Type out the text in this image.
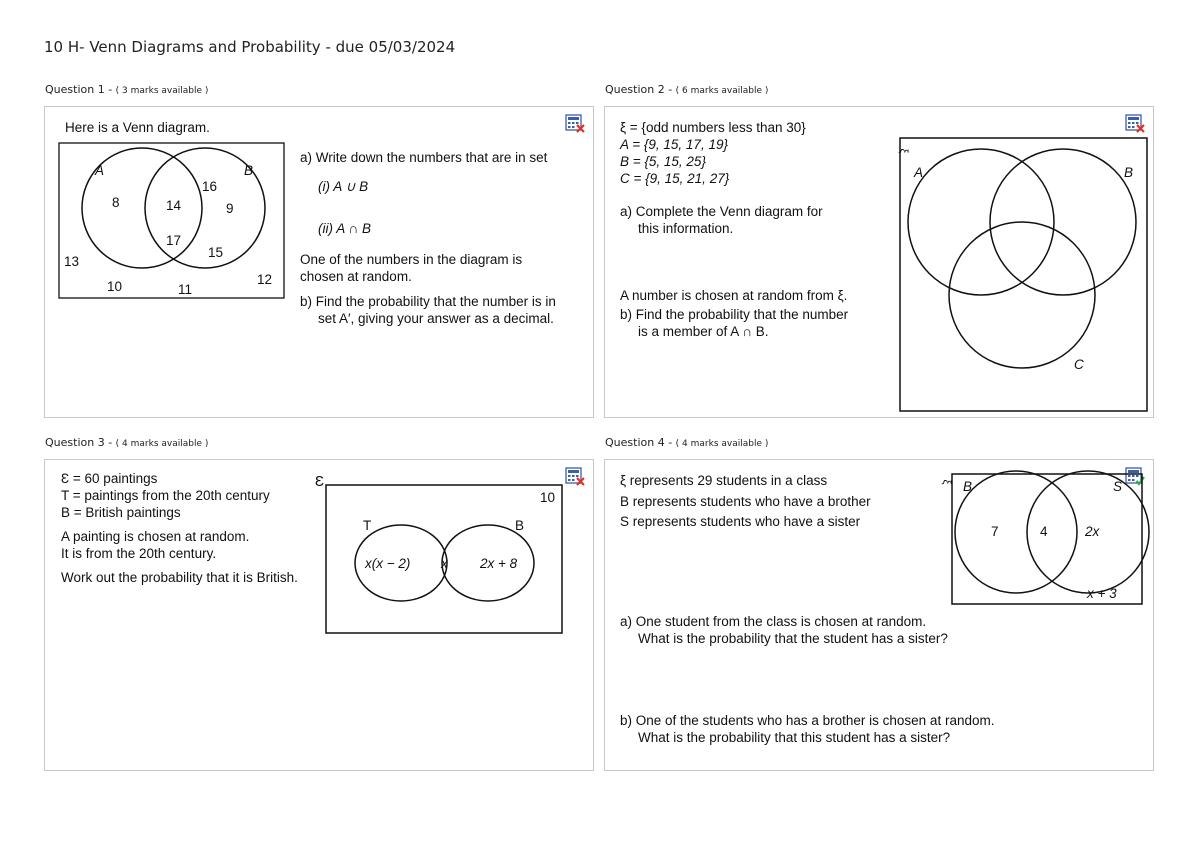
10 H- Venn Diagrams and Probability - due 05/03/2024
Question 1 - ( 3 marks available )
Here is a Venn diagram.
A	B
8	14
17
16
9
15
13
10	11
12
a) Write down the numbers that are in set
(i) A ∪ B
(ii) A ∩ B
One of the numbers in the diagram is
chosen at random.
b) Find the probability that the number is in
set A′, giving your answer as a decimal.
Question 2 - ( 6 marks available )
ξ = {odd numbers less than 30}
A = {9, 15, 17, 19}
B = {5, 15, 25}
C = {9, 15, 21, 27}
a) Complete the Venn diagram for
this information.
A number is chosen at random from ξ.
b) Find the probability that the number
is a member of A ∩ B.
ξ
A	B
C
Question 3 - ( 4 marks available )
Ɛ = 60 paintings
T = paintings from the 20th century
B = British paintings
A painting is chosen at random.
It is from the 20th century.
Work out the probability that it is British.
Ɛ
10
T	B
x(x − 2) x 2x + 8
Question 4 - ( 4 marks available )
ξ represents 29 students in a class
B represents students who have a brother
S represents students who have a sister
ξ B	S
7	4	2x
x + 3
a) One student from the class is chosen at random.
What is the probability that the student has a sister?
b) One of the students who has a brother is chosen at random.
What is the probability that this student has a sister?
